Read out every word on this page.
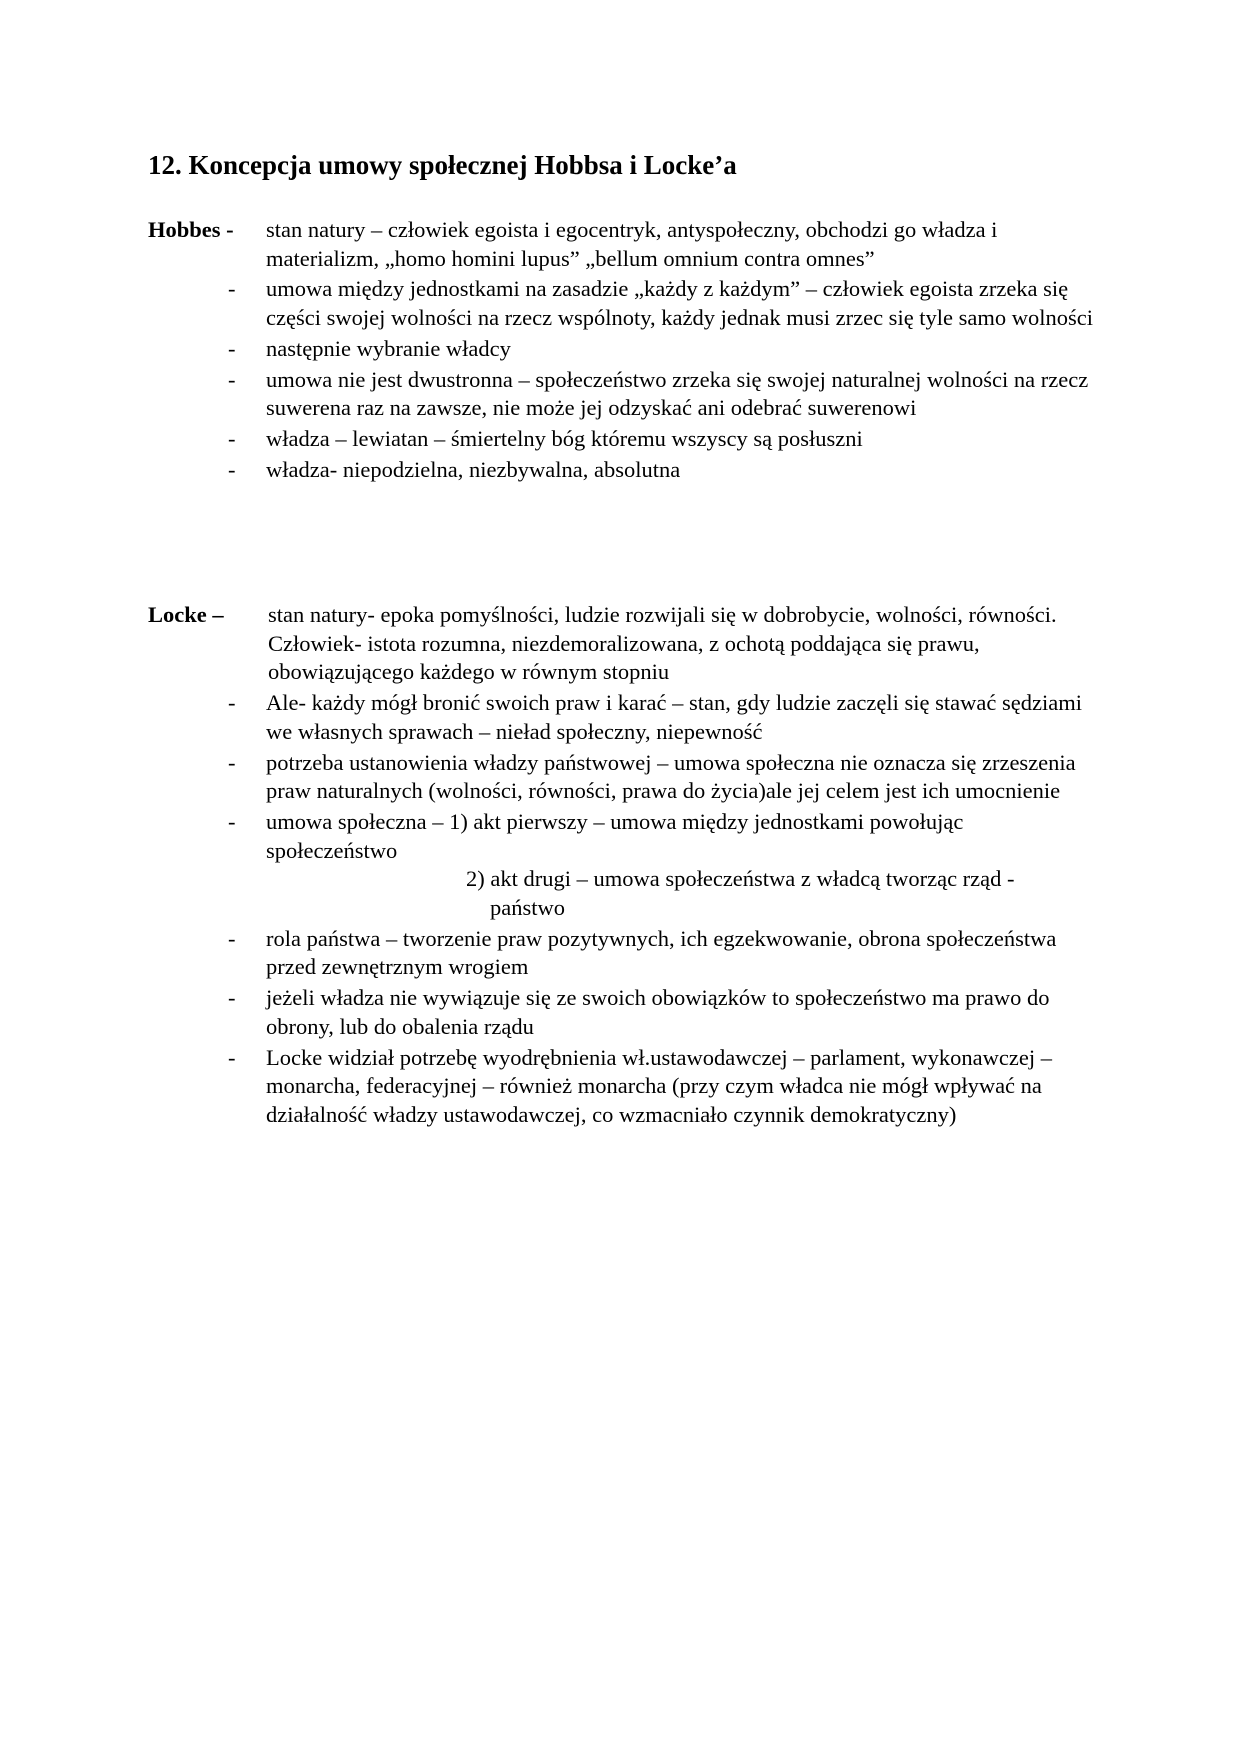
12. Koncepcja umowy społecznej Hobbsa i Locke’a
Hobbes - stan natury – człowiek egoista i egocentryk, antyspołeczny, obchodzi go władza i materializm, „homo homini lupus” „bellum omnium contra omnes”
- umowa między jednostkami na zasadzie „każdy z każdym” – człowiek egoista zrzeka się części swojej wolności na rzecz wspólnoty, każdy jednak musi zrzec się tyle samo wolności
- następnie wybranie władcy
- umowa nie jest dwustronna – społeczeństwo zrzeka się swojej naturalnej wolności na rzecz suwerena raz na zawsze, nie może jej odzyskać ani odebrać suwerenowi
- władza – lewiatan – śmiertelny bóg któremu wszyscy są posłuszni
- władza- niepodzielna, niezbywalna, absolutna
Locke – stan natury- epoka pomyślności, ludzie rozwijali się w dobrobycie, wolności, równości. Człowiek- istota rozumna, niezdemoralizowana, z ochotą poddająca się prawu, obowiązującego każdego w równym stopniu
- Ale- każdy mógł bronić swoich praw i karać – stan, gdy ludzie zaczęli się stawać sędziami we własnych sprawach – nieład społeczny, niepewność
- potrzeba ustanowienia władzy państwowej – umowa społeczna nie oznacza się zrzeszenia praw naturalnych (wolności, równości, prawa do życia)ale jej celem jest ich umocnienie
- umowa społeczna – 1) akt pierwszy – umowa między jednostkami powołując społeczeństwo
2) akt drugi – umowa społeczeństwa z władcą tworząc rząd -
państwo
- rola państwa – tworzenie praw pozytywnych, ich egzekwowanie, obrona społeczeństwa przed zewnętrznym wrogiem
- jeżeli władza nie wywiązuje się ze swoich obowiązków to społeczeństwo ma prawo do obrony, lub do obalenia rządu
- Locke widział potrzebę wyodrębnienia wł.ustawodawczej – parlament, wykonawczej – monarcha, federacyjnej – również monarcha (przy czym władca nie mógł wpływać na działalność władzy ustawodawczej, co wzmacniało czynnik demokratyczny)
